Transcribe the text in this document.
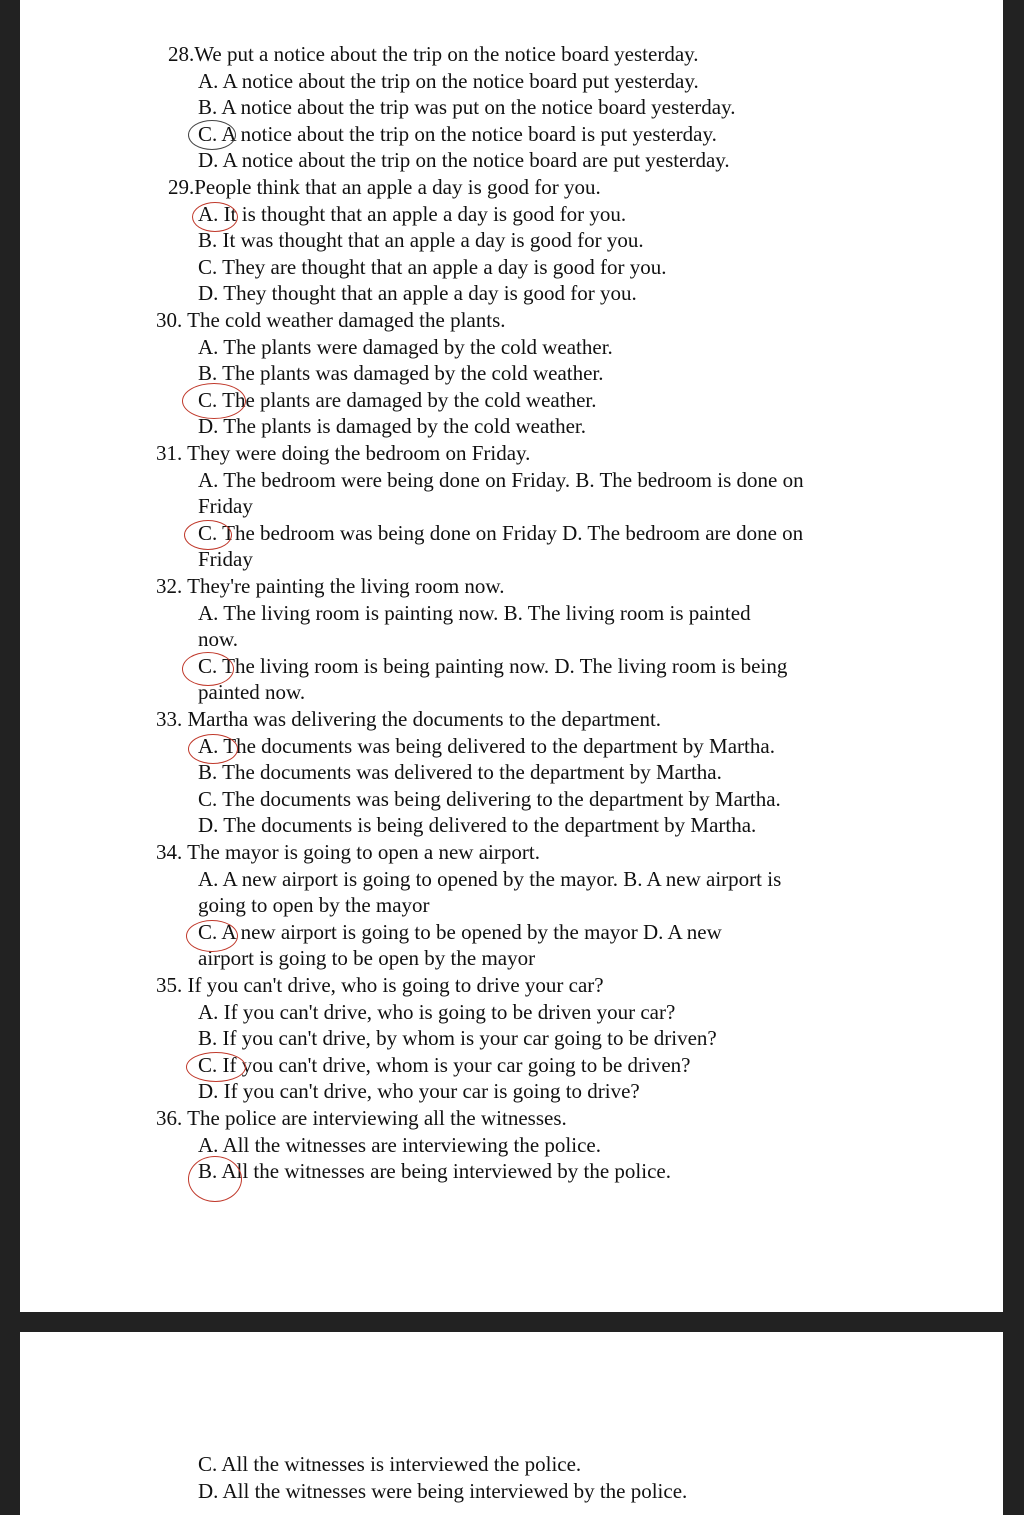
28.We put a notice about the trip on the notice board yesterday.
A. A notice about the trip on the notice board put yesterday.
B. A notice about the trip was put on the notice board yesterday.
C. A notice about the trip on the notice board is put yesterday.
D. A notice about the trip on the notice board are put yesterday.
29.People think that an apple a day is good for you.
A. It is thought that an apple a day is good for you.
B. It was thought that an apple a day is good for you.
C. They are thought that an apple a day is good for you.
D. They thought that an apple a day is good for you.
30. The cold weather damaged the plants.
A. The plants were damaged by the cold weather.
B. The plants was damaged by the cold weather.
C. The plants are damaged by the cold weather.
D. The plants is damaged by the cold weather.
31. They were doing the bedroom on Friday.
A. The bedroom were being done on Friday. B. The bedroom is done on
Friday
C. The bedroom was being done on Friday D. The bedroom are done on
Friday
32. They're painting the living room now.
A. The living room is painting now. B. The living room is painted
now.
C. The living room is being painting now. D. The living room is being
painted now.
33. Martha was delivering the documents to the department.
A. The documents was being delivered to the department by Martha.
B. The documents was delivered to the department by Martha.
C. The documents was being delivering to the department by Martha.
D. The documents is being delivered to the department by Martha.
34. The mayor is going to open a new airport.
A. A new airport is going to opened by the mayor. B. A new airport is
going to open by the mayor
C. A new airport is going to be opened by the mayor D. A new
airport is going to be open by the mayor
35. If you can't drive, who is going to drive your car?
A. If you can't drive, who is going to be driven your car?
B. If you can't drive, by whom is your car going to be driven?
C. If you can't drive, whom is your car going to be driven?
D. If you can't drive, who your car is going to drive?
36. The police are interviewing all the witnesses.
A. All the witnesses are interviewing the police.
B. All the witnesses are being interviewed by the police.
C. All the witnesses is interviewed the police.
D. All the witnesses were being interviewed by the police.
